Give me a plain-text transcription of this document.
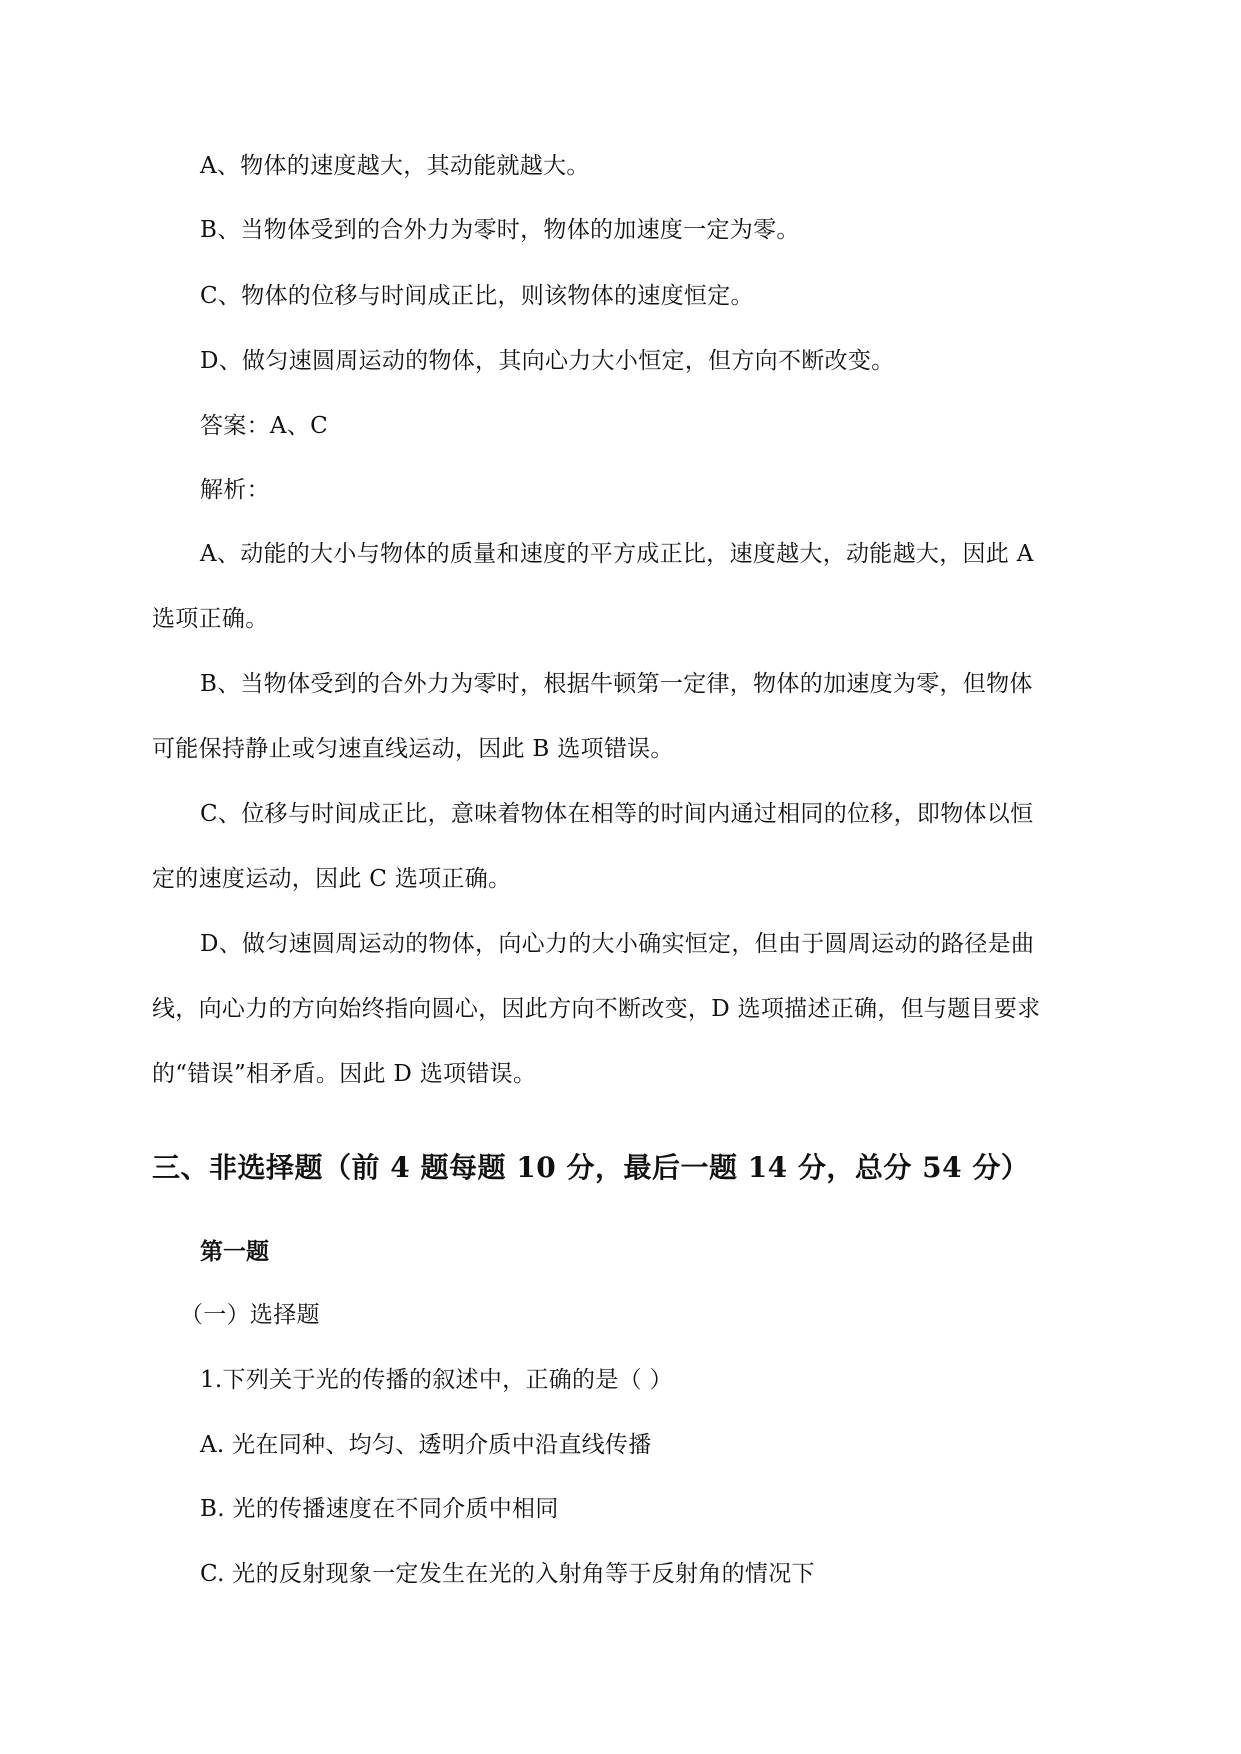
A、物体的速度越大，其动能就越大。
B、当物体受到的合外力为零时，物体的加速度一定为零。
C、物体的位移与时间成正比，则该物体的速度恒定。
D、做匀速圆周运动的物体，其向心力大小恒定，但方向不断改变。
答案：A、C
解析：
A、动能的大小与物体的质量和速度的平方成正比，速度越大，动能越大，因此 A
选项正确。
B、当物体受到的合外力为零时，根据牛顿第一定律，物体的加速度为零，但物体
可能保持静止或匀速直线运动，因此 B 选项错误。
C、位移与时间成正比，意味着物体在相等的时间内通过相同的位移，即物体以恒
定的速度运动，因此 C 选项正确。
D、做匀速圆周运动的物体，向心力的大小确实恒定，但由于圆周运动的路径是曲
线，向心力的方向始终指向圆心，因此方向不断改变，D 选项描述正确，但与题目要求
的“错误”相矛盾。因此 D 选项错误。
三、非选择题（前 4 题每题 10 分，最后一题 14 分，总分 54 分）
第一题
（一）选择题
1.下列关于光的传播的叙述中，正确的是（ ）
A. 光在同种、均匀、透明介质中沿直线传播
B. 光的传播速度在不同介质中相同
C. 光的反射现象一定发生在光的入射角等于反射角的情况下
